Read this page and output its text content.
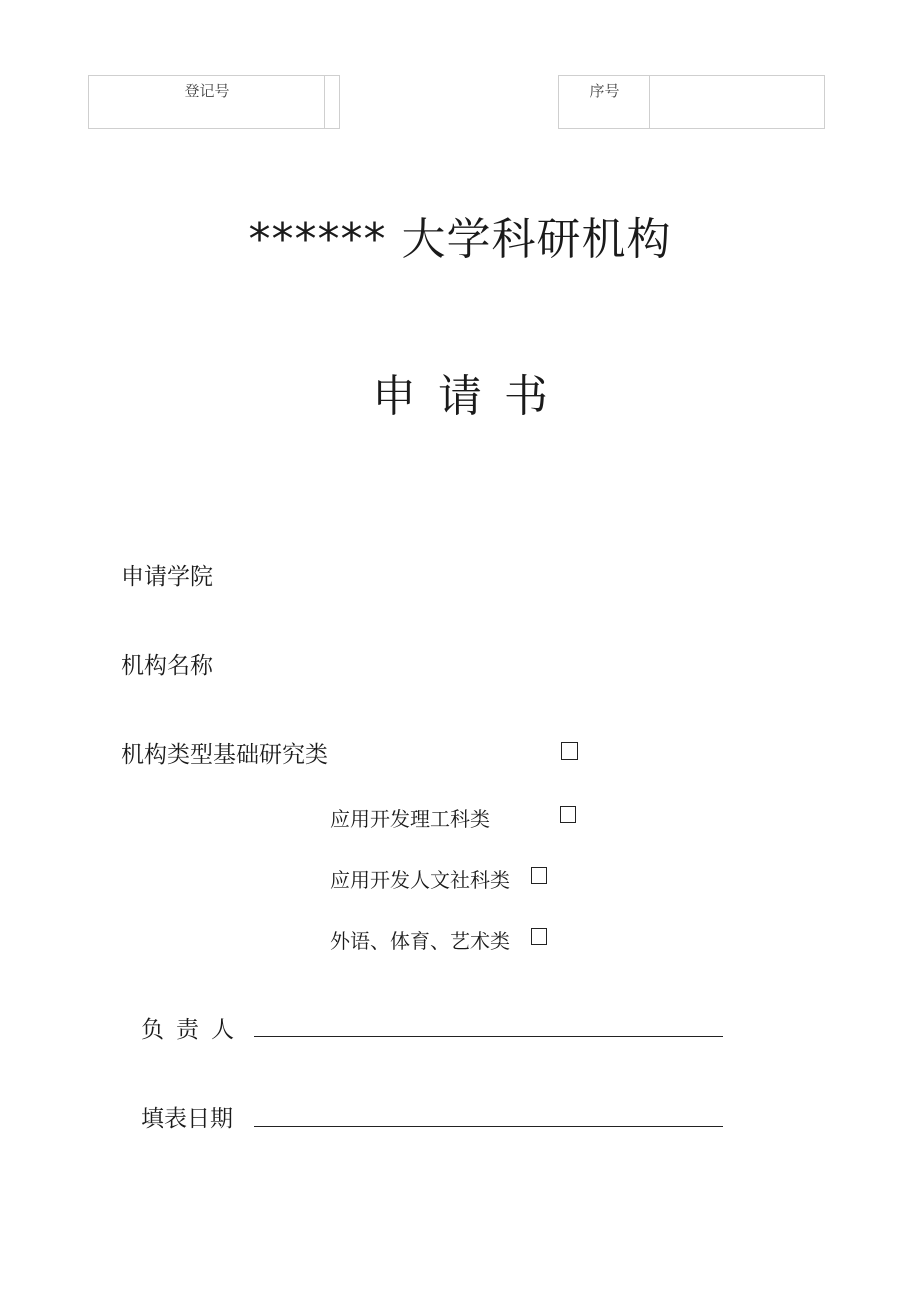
登记号	序号
****** 大学科研机构
申请书
申请学院
机构名称
机构类型基础研究类
应用开发理工科类
应用开发人文社科类
外语、体育、艺术类
负责人
填表日期
